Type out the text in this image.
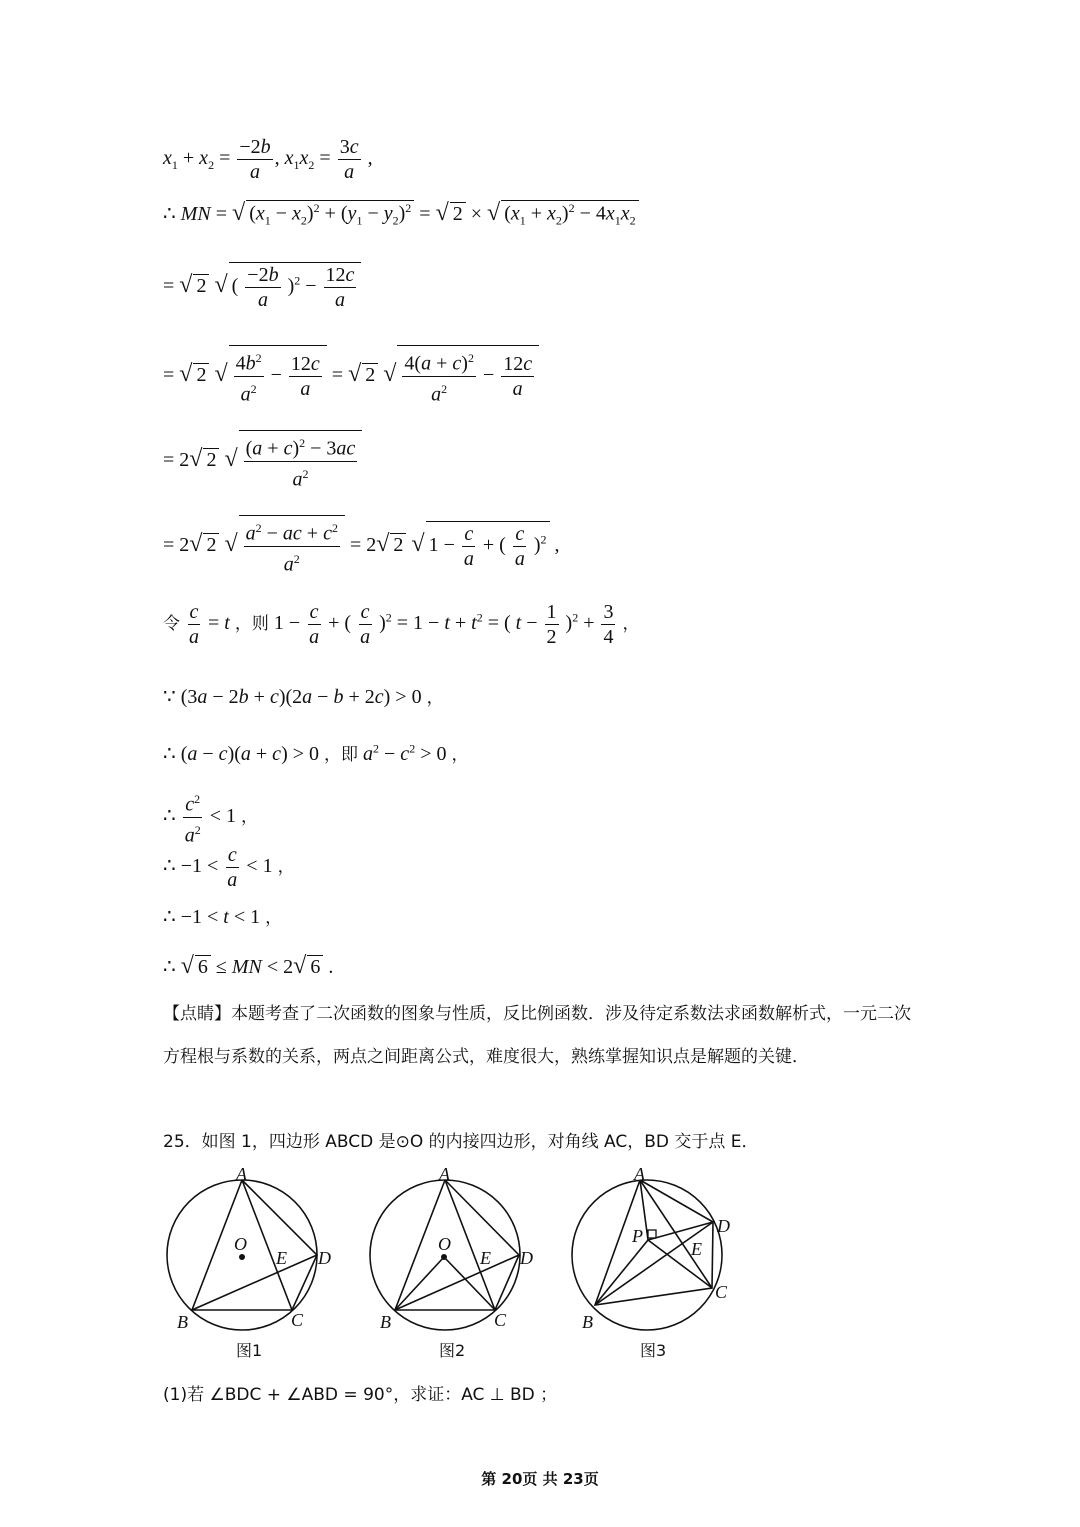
$x_1 + x_2 = \frac{-2b}{a}$ , $x_1x_2 = \frac{3c}{a}$ ,
∴ MN = √ $(x_1 - x_2)^2 + (y_1 - y_2)^2$ = √ 2 × √ $(x_1 + x_2)^2 - 4x_1x_2$
= √ 2 √ ( $\frac{-2b}{a} )^2 - \frac{12c}{a}$
= √ 2 √ $\frac{4b^2}{a^2} - \frac{12c}{a}$ = √ 2 √ $\frac{4(a + c)^2}{a^2} - \frac{12c}{a}$
= 2√ 2 √ $\frac{(a + c)^2 - 3ac}{a^2}$
= 2√ 2 √ $\frac{a^2 - ac + c^2}{a^2} = 2√$ 2 √ $1 - \frac{c}{a}$ + ( $\frac{c}{a} )^2$ ,
令 $\frac{c}{a} = t$ ，则 $1 - \frac{c}{a}$ + ( $\frac{c}{a} )^2 = 1 - t + t^2$ = ( $t - \frac{1}{2} )^2 + \frac{3}{4}$ ，
∵ (3a − 2b + c)(2a − b + 2c) > 0 ，
∴ (a − c)(a + c) > 0 ，即 $a^2 - c^2 > 0$ ，
∴ $\frac{c^2}{a^2} < 1$ ，
∴ $-1 < \frac{c}{a} < 1$ ，
∴ −1 < t < 1 ，
∴ √ 6 ≤ MN < 2√ 6 .
【点睛】本题考查了二次函数的图象与性质，反比例函数．涉及待定系数法求函数解析式，一元二次方程根与系数的关系，两点之间距离公式，难度很大，熟练掌握知识点是解题的关键．
25．如图 1，四边形 ABCD 是⊙O 的内接四边形，对角线 AC，BD 交于点 E．
A
B	C
D
E
O
图1
A
B	C
D
E
O
图2
A
B
C
D
E
P
图3
(1)若 ∠BDC + ∠ABD = 90°，求证：AC ⊥ BD ；
第 20页 共 23页
